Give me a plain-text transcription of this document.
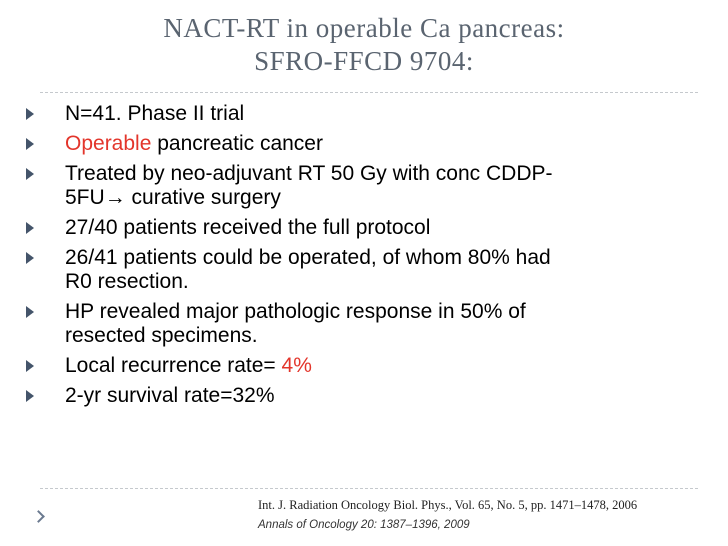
NACT-RT in operable Ca pancreas:
SFRO-FFCD 9704:
N=41. Phase II trial
Operable pancreatic cancer
Treated by neo-adjuvant RT 50 Gy with conc CDDP-
5FU→ curative surgery
27/40 patients received the full protocol
26/41 patients could be operated, of whom 80% had
R0 resection.
HP revealed major pathologic response in 50% of
resected specimens.
Local recurrence rate= 4%
2-yr survival rate=32%
Int. J. Radiation Oncology Biol. Phys., Vol. 65, No. 5, pp. 1471–1478, 2006
Annals of Oncology 20: 1387–1396, 2009
